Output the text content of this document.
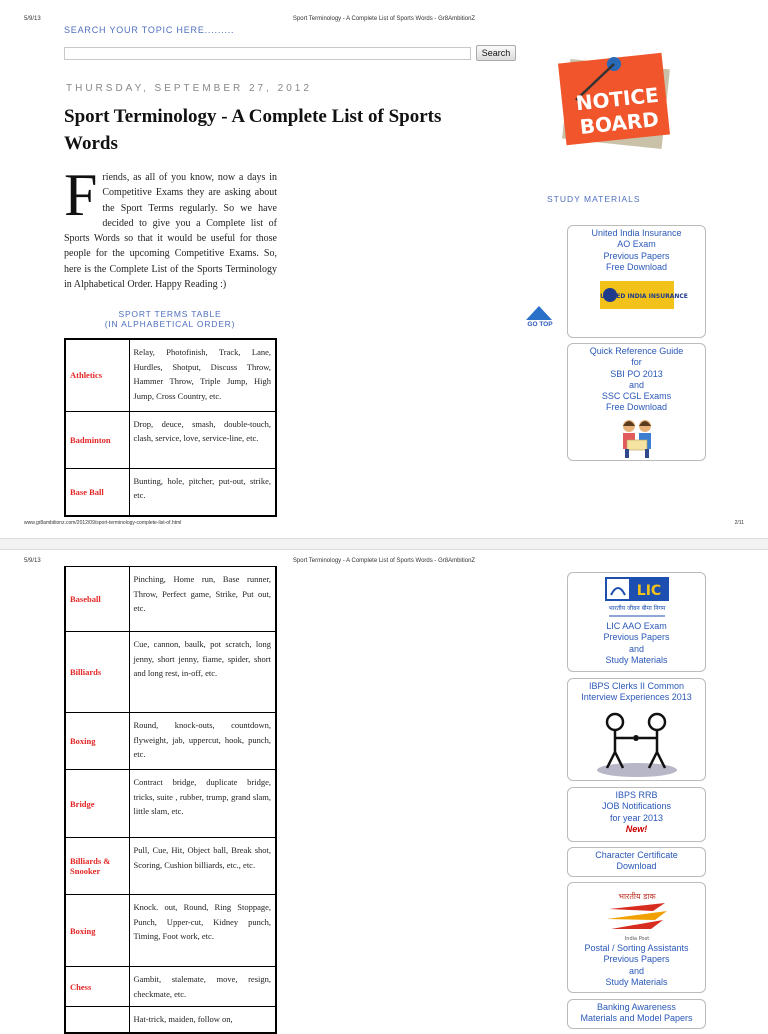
5/9/13	Sport Terminology - A Complete List of Sports Words - Gr8AmbitionZ
SEARCH YOUR TOPIC HERE.........
Search
THURSDAY, SEPTEMBER 27, 2012
Sport Terminology - A Complete List of Sports Words
Friends, as all of you know, now a days in Competitive Exams they are asking about the Sport Terms regularly. So we have decided to give you a Complete list of Sports Words so that it would be useful for those people for the upcoming Competitive Exams. So, here is the Complete List of the Sports Terminology in Alphabetical Order. Happy Reading :)
SPORT TERMS TABLE
(IN ALPHABETICAL ORDER)
Athletics	Relay, Photofinish, Track, Lane, Hurdles, Shotput, Discuss Throw, Hammer Throw, Triple Jump, High Jump, Cross Country, etc.
Badminton	Drop, deuce, smash, double-touch, clash, service, love, service-line, etc.
Base Ball	Bunting, hole, pitcher, put-out, strike, etc.
NOTICE
BOARD
STUDY MATERIALS
GO TOP
United India Insurance
AO Exam
Previous Papers
Free Download
UNITED INDIA INSURANCE
Quick Reference Guide
for
SBI PO 2013
and
SSC CGL Exams
Free Download
www.gr8ambitionz.com/2012/09/sport-terminology-complete-list-of.html	2/11
5/9/13	Sport Terminology - A Complete List of Sports Words - Gr8AmbitionZ
Baseball	Pinching, Home run, Base runner, Throw, Perfect game, Strike, Put out, etc.
Billiards	Cue, cannon, baulk, pot scratch, long jenny, short jenny, fiame, spider, short and long rest, in-off, etc.
Boxing	Round, knock-outs, countdown, flyweight, jab, uppercut, hook, punch, etc.
Bridge	Contract bridge, duplicate bridge, tricks, suite , rubber, trump, grand slam, little slam, etc.
Billiards & Snooker	Pull, Cue, Hit, Object ball, Break shot, Scoring, Cushion billiards, etc., etc.
Boxing	Knock. out, Round, Ring Stoppage, Punch, Upper-cut, Kidney punch, Timing, Foot work, etc.
Chess	Gambit, stalemate, move, resign, checkmate, etc.
	Hat-trick, maiden, follow on,
LIC
भारतीय जीवन बीमा निगम
LIC AAO Exam
Previous Papers
and
Study Materials
IBPS Clerks II Common
Interview Experiences 2013
IBPS RRB
JOB Notifications
for year 2013
New!
Character Certificate
Download
भारतीय डाक
India Post
Postal / Sorting Assistants
Previous Papers
and
Study Materials
Banking Awareness
Materials and Model Papers
